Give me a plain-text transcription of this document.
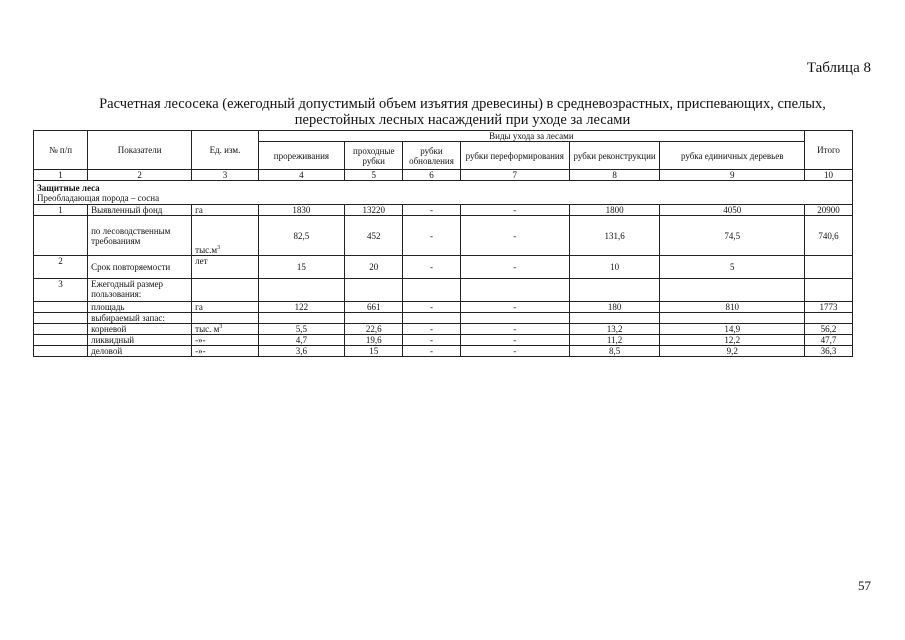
Таблица 8
Расчетная лесосека (ежегодный допустимый объем изъятия древесины) в средневозрастных, приспевающих, спелых,
перестойных лесных насаждений при уходе за лесами
№ п/п	Показатели	Ед. изм.	Виды ухода за лесами						Итого
			прореживания	проходные рубки	рубки обновления	рубки переформирования	рубки реконструкции	рубка единичных деревьев	
1	2	3	4	5	6	7	8	9	10

Защитные леса
Преобладающая порода – сосна									

1	Выявленный фонд	га	1830	13220	-	-	1800	4050	20900
	по лесоводственным требованиям	$тыс.м^3$	82,5	452	-	-	131,6	74,5	740,6
2	Срок повторяемости	лет	15	20	-	-	10	5	
3	Ежегодный размер пользования:								
	площадь	га	122	661	-	-	180	810	1773
	выбираемый запас:								
	корневой	тыс. $м^3$	5,5	22,6	-	-	13,2	14,9	56,2
	ликвидный	-»-	4,7	19,6	-	-	11,2	12,2	47,7
	деловой	-»-	3,6	15	-	-	8,5	9,2	36,3
57
